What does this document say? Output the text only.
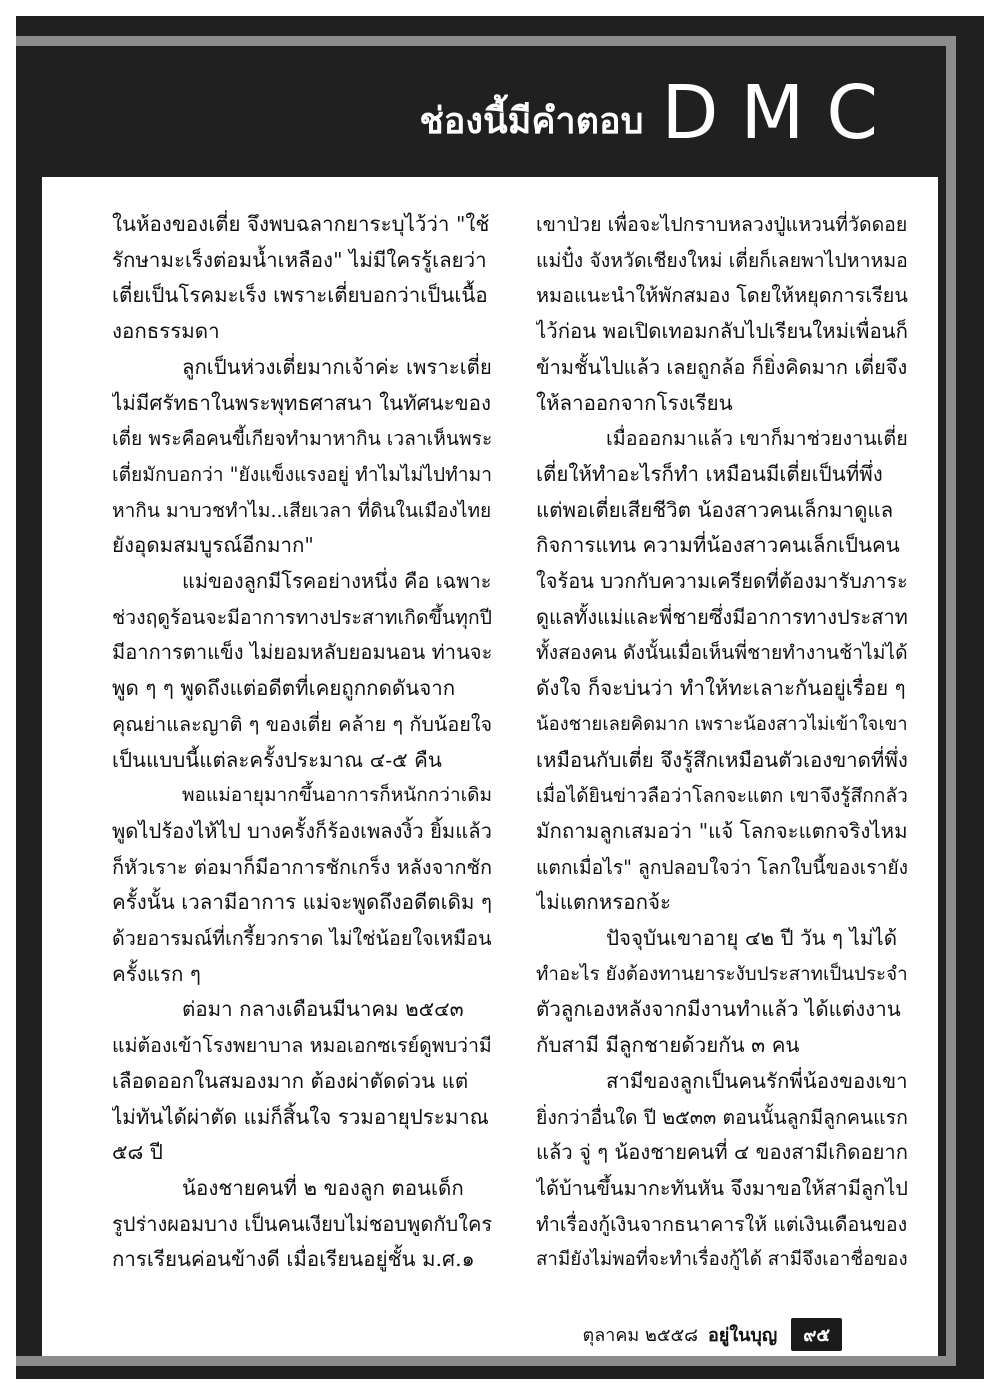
ช่องนี้มีคำตอบ DMC
ในห้องของเตี่ย จึงพบฉลากยาระบุไว้ว่า "ใช้
รักษามะเร็งต่อมน้ำเหลือง" ไม่มีใครรู้เลยว่า
เตี่ยเป็นโรคมะเร็ง เพราะเตี่ยบอกว่าเป็นเนื้อ
งอกธรรมดา
ลูกเป็นห่วงเตี่ยมากเจ้าค่ะ เพราะเตี่ย
ไม่มีศรัทธาในพระพุทธศาสนา ในทัศนะของ
เตี่ย พระคือคนขี้เกียจทำมาหากิน เวลาเห็นพระ
เตี่ยมักบอกว่า "ยังแข็งแรงอยู่ ทำไมไม่ไปทำมา
หากิน มาบวชทำไม..เสียเวลา ที่ดินในเมืองไทย
ยังอุดมสมบูรณ์อีกมาก"
แม่ของลูกมีโรคอย่างหนึ่ง คือ เฉพาะ
ช่วงฤดูร้อนจะมีอาการทางประสาทเกิดขึ้นทุกปี
มีอาการตาแข็ง ไม่ยอมหลับยอมนอน ท่านจะ
พูด ๆ ๆ พูดถึงแต่อดีตที่เคยถูกกดดันจาก
คุณย่าและญาติ ๆ ของเตี่ย คล้าย ๆ กับน้อยใจ
เป็นแบบนี้แต่ละครั้งประมาณ ๔-๕ คืน
พอแม่อายุมากขึ้นอาการก็หนักกว่าเดิม
พูดไปร้องไห้ไป บางครั้งก็ร้องเพลงงิ้ว ยิ้มแล้ว
ก็หัวเราะ ต่อมาก็มีอาการชักเกร็ง หลังจากชัก
ครั้งนั้น เวลามีอาการ แม่จะพูดถึงอดีตเดิม ๆ
ด้วยอารมณ์ที่เกรี้ยวกราด ไม่ใช่น้อยใจเหมือน
ครั้งแรก ๆ
ต่อมา กลางเดือนมีนาคม ๒๕๔๓
แม่ต้องเข้าโรงพยาบาล หมอเอกซเรย์ดูพบว่ามี
เลือดออกในสมองมาก ต้องผ่าตัดด่วน แต่
ไม่ทันได้ผ่าตัด แม่ก็สิ้นใจ รวมอายุประมาณ
๕๘ ปี
น้องชายคนที่ ๒ ของลูก ตอนเด็ก
รูปร่างผอมบาง เป็นคนเงียบไม่ชอบพูดกับใคร
การเรียนค่อนข้างดี เมื่อเรียนอยู่ชั้น ม.ศ.๑
เขาป่วย เพื่อจะไปกราบหลวงปู่แหวนที่วัดดอย
แม่ปั๋ง จังหวัดเชียงใหม่ เตี่ยก็เลยพาไปหาหมอ
หมอแนะนำให้พักสมอง โดยให้หยุดการเรียน
ไว้ก่อน พอเปิดเทอมกลับไปเรียนใหม่เพื่อนก็
ข้ามชั้นไปแล้ว เลยถูกล้อ ก็ยิ่งคิดมาก เตี่ยจึง
ให้ลาออกจากโรงเรียน
เมื่อออกมาแล้ว เขาก็มาช่วยงานเตี่ย
เตี่ยให้ทำอะไรก็ทำ เหมือนมีเตี่ยเป็นที่พึ่ง
แต่พอเตี่ยเสียชีวิต น้องสาวคนเล็กมาดูแล
กิจการแทน ความที่น้องสาวคนเล็กเป็นคน
ใจร้อน บวกกับความเครียดที่ต้องมารับภาระ
ดูแลทั้งแม่และพี่ชายซึ่งมีอาการทางประสาท
ทั้งสองคน ดังนั้นเมื่อเห็นพี่ชายทำงานช้าไม่ได้
ดังใจ ก็จะบ่นว่า ทำให้ทะเลาะกันอยู่เรื่อย ๆ
น้องชายเลยคิดมาก เพราะน้องสาวไม่เข้าใจเขา
เหมือนกับเตี่ย จึงรู้สึกเหมือนตัวเองขาดที่พึ่ง
เมื่อได้ยินข่าวลือว่าโลกจะแตก เขาจึงรู้สึกกลัว
มักถามลูกเสมอว่า "แจ้ โลกจะแตกจริงไหม
แตกเมื่อไร" ลูกปลอบใจว่า โลกใบนี้ของเรายัง
ไม่แตกหรอกจ้ะ
ปัจจุบันเขาอายุ ๔๒ ปี วัน ๆ ไม่ได้
ทำอะไร ยังต้องทานยาระงับประสาทเป็นประจำ
ตัวลูกเองหลังจากมีงานทำแล้ว ได้แต่งงาน
กับสามี มีลูกชายด้วยกัน ๓ คน
สามีของลูกเป็นคนรักพี่น้องของเขา
ยิ่งกว่าอื่นใด ปี ๒๕๓๓ ตอนนั้นลูกมีลูกคนแรก
แล้ว จู่ ๆ น้องชายคนที่ ๔ ของสามีเกิดอยาก
ได้บ้านขึ้นมากะทันหัน จึงมาขอให้สามีลูกไป
ทำเรื่องกู้เงินจากธนาคารให้ แต่เงินเดือนของ
สามียังไม่พอที่จะทำเรื่องกู้ได้ สามีจึงเอาชื่อของ
ตุลาคม ๒๕๕๘ อยู่ในบุญ	๙๕
